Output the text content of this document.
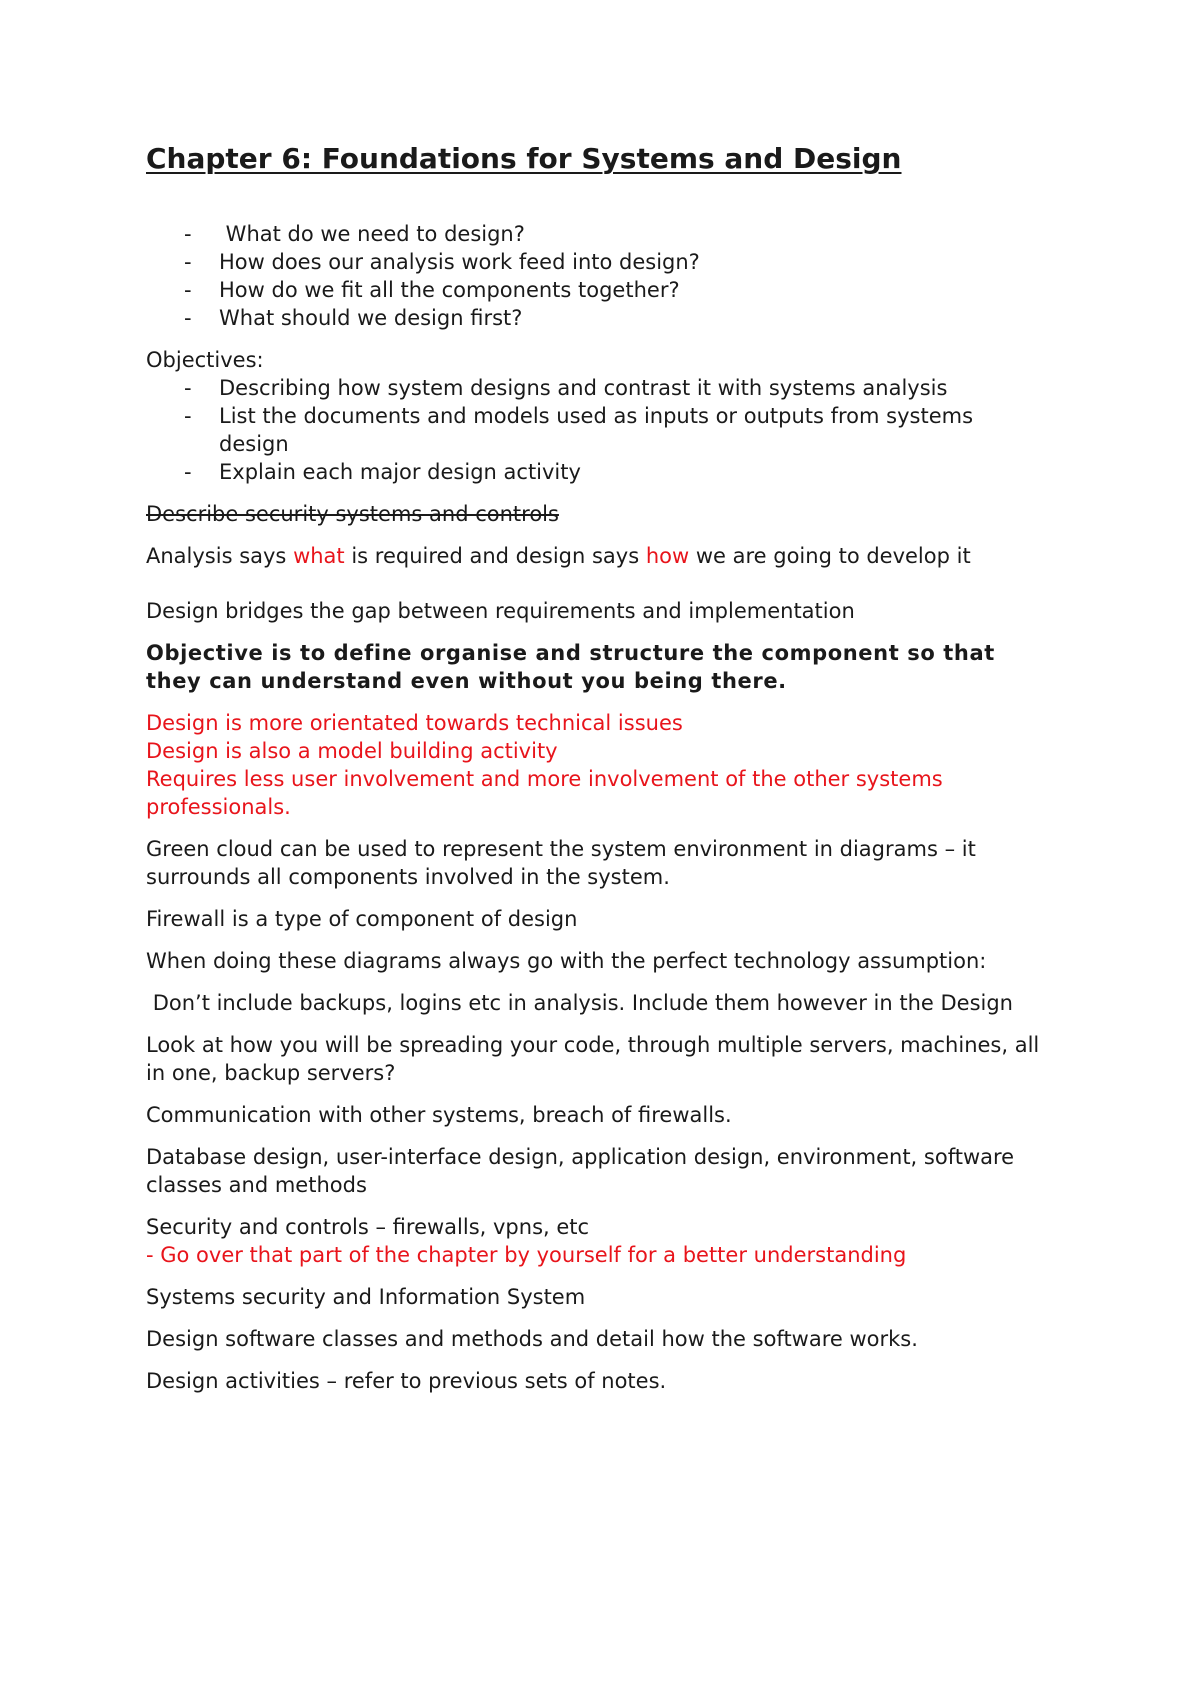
Chapter 6: Foundations for Systems and Design
- What do we need to design?
- How does our analysis work feed into design?
- How do we fit all the components together?
- What should we design first?

Objectives:

- Describing how system designs and contrast it with systems analysis
- List the documents and models used as inputs or outputs from systems design
- Explain each major design activity

Describe security systems and controls

Analysis says what is required and design says how we are going to develop it

Design bridges the gap between requirements and implementation

Objective is to define organise and structure the component so that they can understand even without you being there.

Design is more orientated towards technical issues

Design is also a model building activity

Requires less user involvement and more involvement of the other systems professionals.

Green cloud can be used to represent the system environment in diagrams – it surrounds all components involved in the system.

Firewall is a type of component of design

When doing these diagrams always go with the perfect technology assumption:

Don’t include backups, logins etc in analysis. Include them however in the Design

Look at how you will be spreading your code, through multiple servers, machines, all in one, backup servers?

Communication with other systems, breach of firewalls.

Database design, user-interface design, application design, environment, software classes and methods

Security and controls – firewalls, vpns, etc

- Go over that part of the chapter by yourself for a better understanding

Systems security and Information System

Design software classes and methods and detail how the software works.

Design activities – refer to previous sets of notes.
